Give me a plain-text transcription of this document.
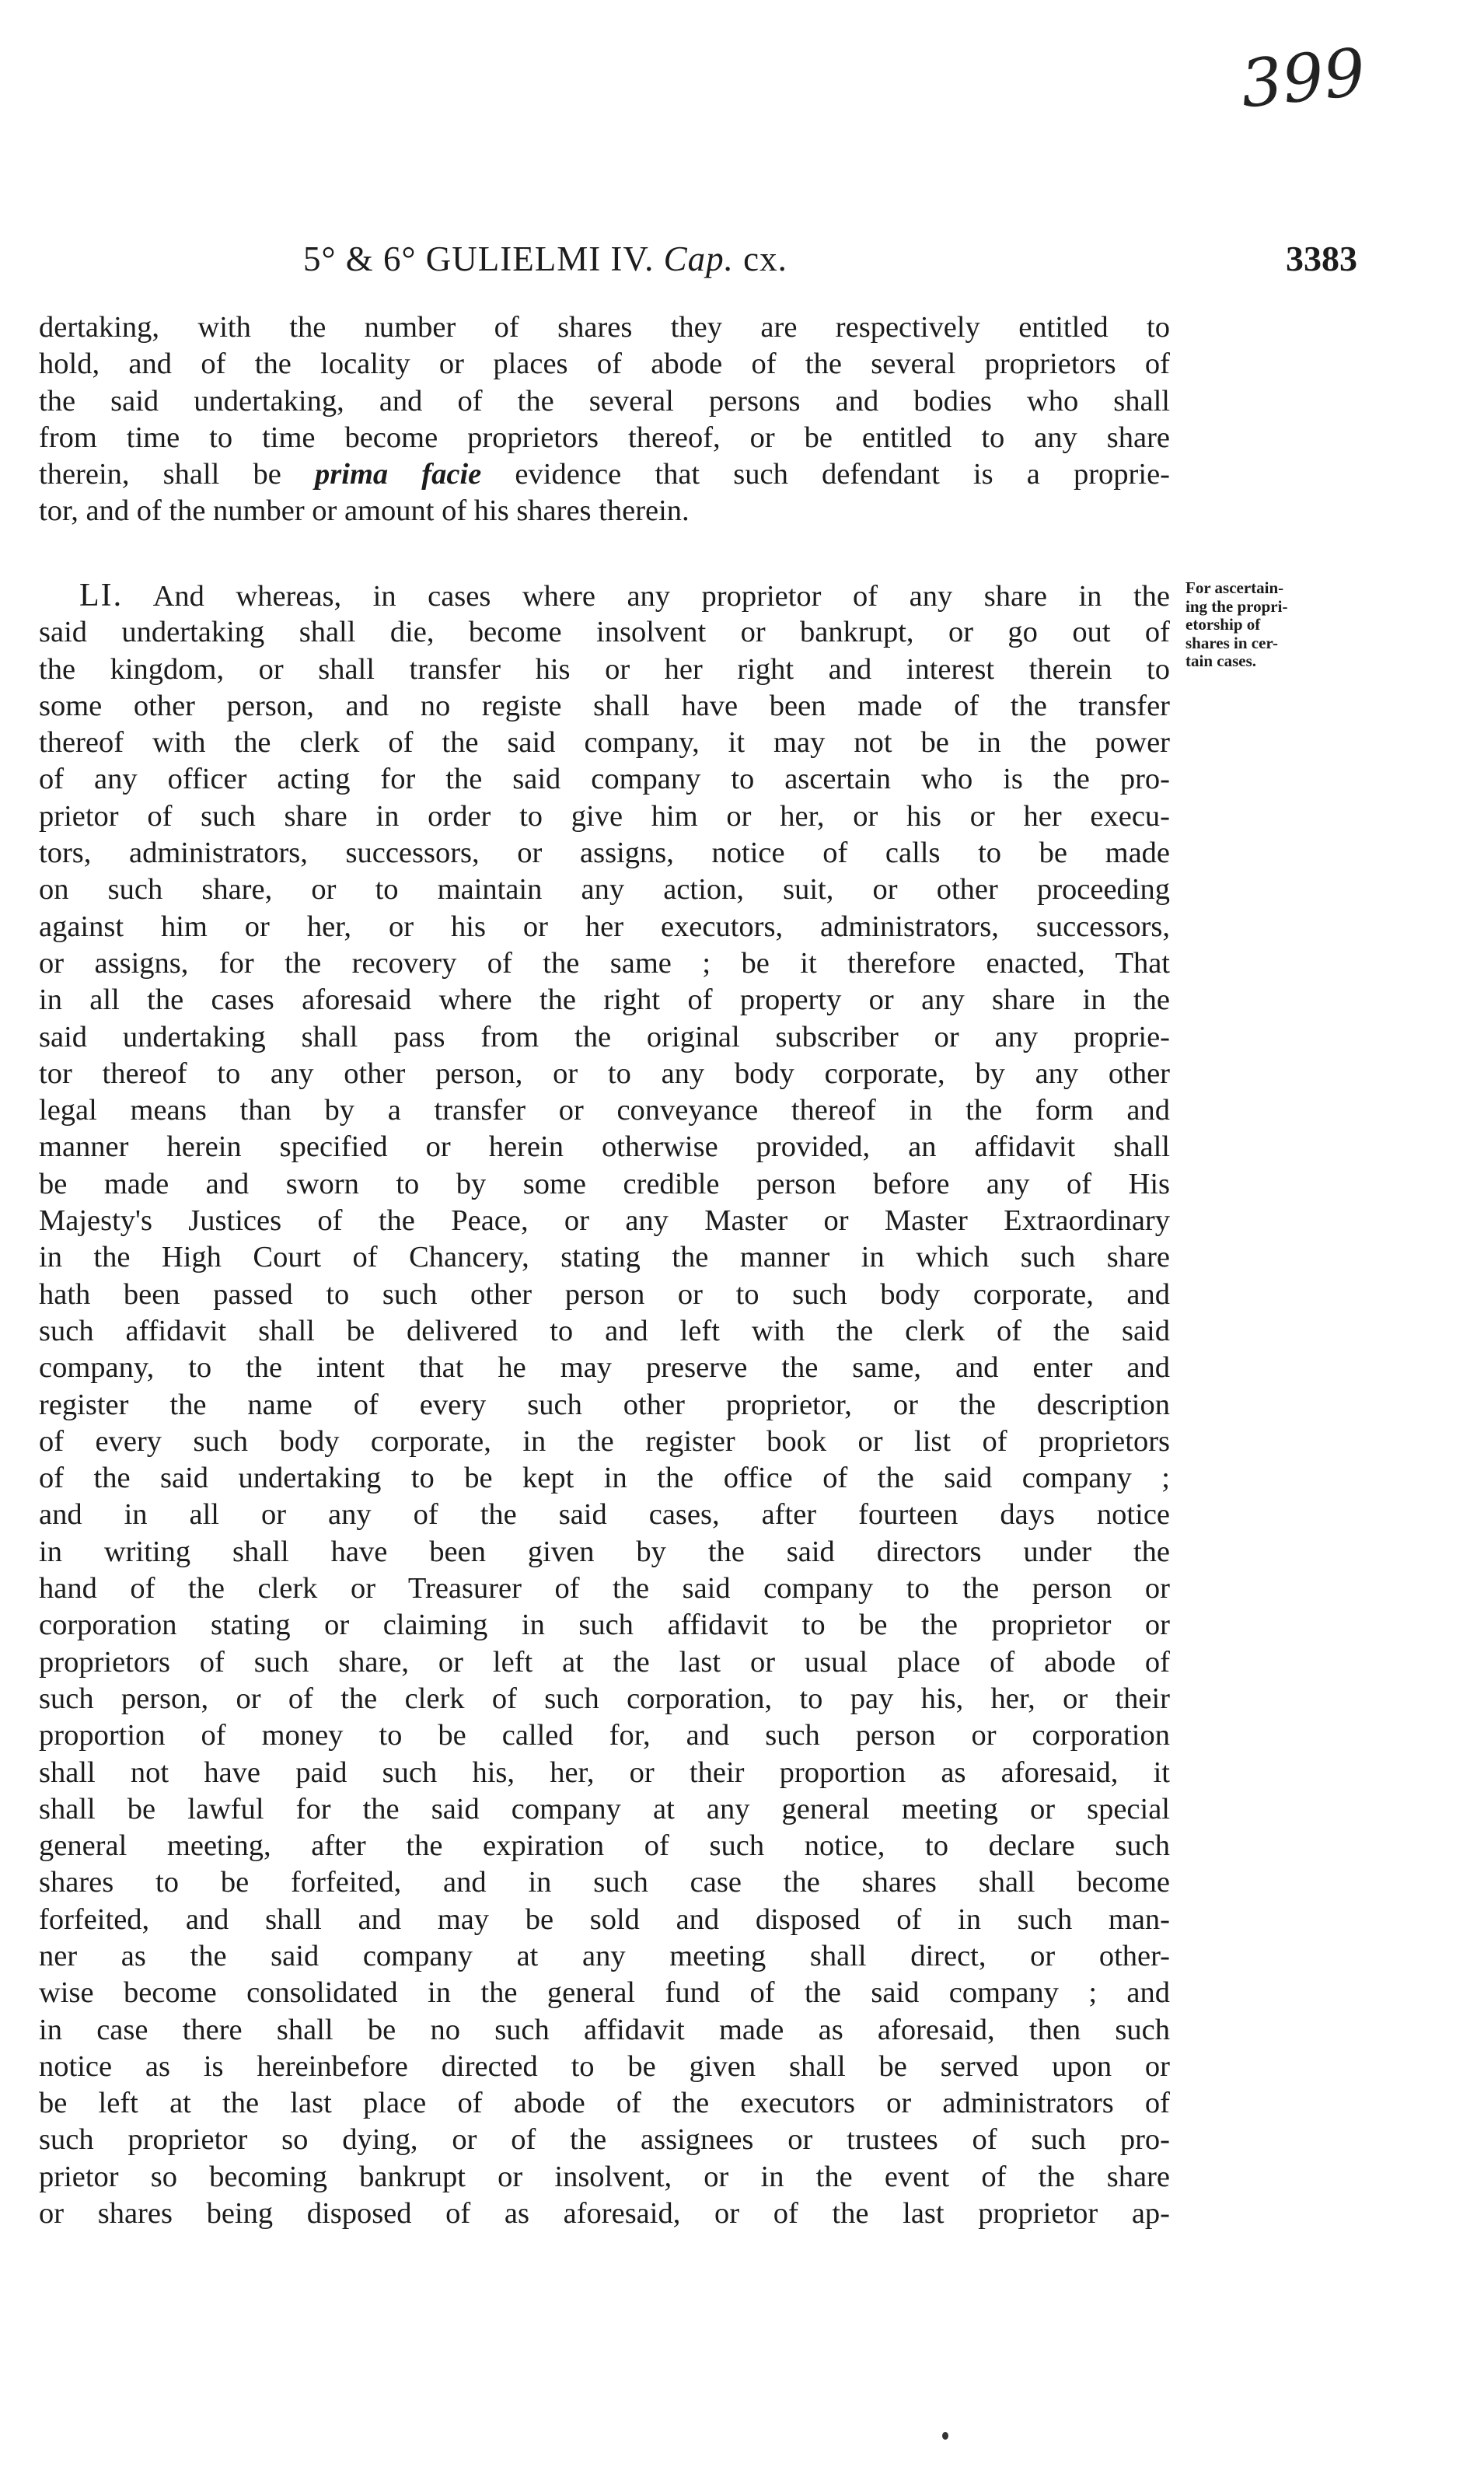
399
5° & 6° GULIELMI IV. Cap. cx.	3383
dertaking, with the number of shares they are respectively entitled to
hold, and of the locality or places of abode of the several proprietors of
the said undertaking, and of the several persons and bodies who shall
from time to time become proprietors thereof, or be entitled to any share
therein, shall be prima facie evidence that such defendant is a proprie-
tor, and of the number or amount of his shares therein.
LI. And whereas, in cases where any proprietor of any share in the
said undertaking shall die, become insolvent or bankrupt, or go out of
the kingdom, or shall transfer his or her right and interest therein to
some other person, and no registe shall have been made of the transfer
thereof with the clerk of the said company, it may not be in the power
of any officer acting for the said company to ascertain who is the pro-
prietor of such share in order to give him or her, or his or her execu-
tors, administrators, successors, or assigns, notice of calls to be made
on such share, or to maintain any action, suit, or other proceeding
against him or her, or his or her executors, administrators, successors,
or assigns, for the recovery of the same ; be it therefore enacted, That
in all the cases aforesaid where the right of property or any share in the
said undertaking shall pass from the original subscriber or any proprie-
tor thereof to any other person, or to any body corporate, by any other
legal means than by a transfer or conveyance thereof in the form and
manner herein specified or herein otherwise provided, an affidavit shall
be made and sworn to by some credible person before any of His
Majesty's Justices of the Peace, or any Master or Master Extraordinary
in the High Court of Chancery, stating the manner in which such share
hath been passed to such other person or to such body corporate, and
such affidavit shall be delivered to and left with the clerk of the said
company, to the intent that he may preserve the same, and enter and
register the name of every such other proprietor, or the description
of every such body corporate, in the register book or list of proprietors
of the said undertaking to be kept in the office of the said company ;
and in all or any of the said cases, after fourteen days notice
in writing shall have been given by the said directors under the
hand of the clerk or Treasurer of the said company to the person or
corporation stating or claiming in such affidavit to be the proprietor or
proprietors of such share, or left at the last or usual place of abode of
such person, or of the clerk of such corporation, to pay his, her, or their
proportion of money to be called for, and such person or corporation
shall not have paid such his, her, or their proportion as aforesaid, it
shall be lawful for the said company at any general meeting or special
general meeting, after the expiration of such notice, to declare such
shares to be forfeited, and in such case the shares shall become
forfeited, and shall and may be sold and disposed of in such man-
ner as the said company at any meeting shall direct, or other-
wise become consolidated in the general fund of the said company ; and
in case there shall be no such affidavit made as aforesaid, then such
notice as is hereinbefore directed to be given shall be served upon or
be left at the last place of abode of the executors or administrators of
such proprietor so dying, or of the assignees or trustees of such pro-
prietor so becoming bankrupt or insolvent, or in the event of the share
or shares being disposed of as aforesaid, or of the last proprietor ap-
For ascertain-
ing the propri-
etorship of
shares in cer-
tain cases.
